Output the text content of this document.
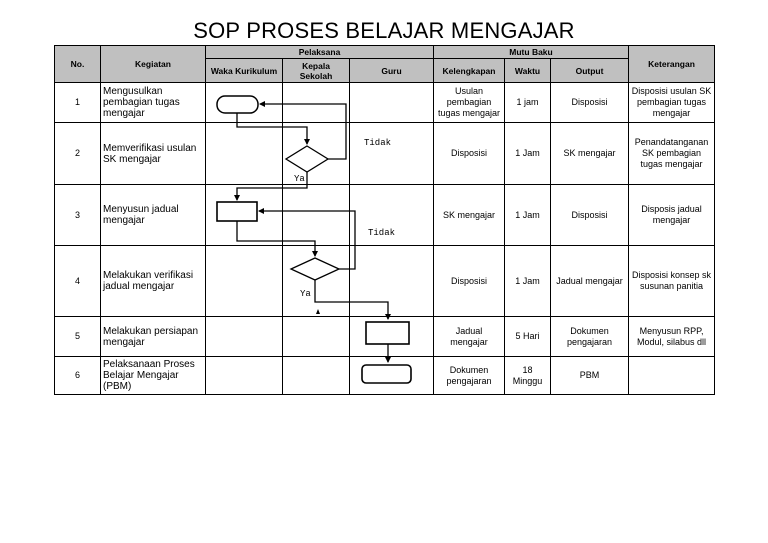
SOP PROSES BELAJAR MENGAJAR
No.	Kegiatan	Pelaksana			Mutu Baku			Keterangan
		Waka Kurikulum	Kepala Sekolah	Guru	Kelengkapan	Waktu	Output	
1	Mengusulkan pembagian tugas mengajar				Usulan pembagian tugas mengajar	1 jam	Disposisi	Disposisi usulan SK pembagian tugas mengajar
2	Memverifikasi usulan SK mengajar				Disposisi	1 Jam	SK mengajar	Penandatanganan SK pembagian tugas mengajar
3	Menyusun jadual mengajar				SK mengajar	1 Jam	Disposisi	Disposis jadual mengajar
4	Melakukan verifikasi jadual mengajar				Disposisi	1 Jam	Jadual mengajar	Disposisi konsep sk susunan panitia
5	Melakukan persiapan mengajar				Jadual mengajar	5 Hari	Dokumen pengajaran	Menyusun RPP, Modul, silabus dll
6	Pelaksanaan Proses Belajar Mengajar (PBM)				Dokumen pengajaran	18 Minggu	PBM	
Tidak
Ya
Tidak
Ya
